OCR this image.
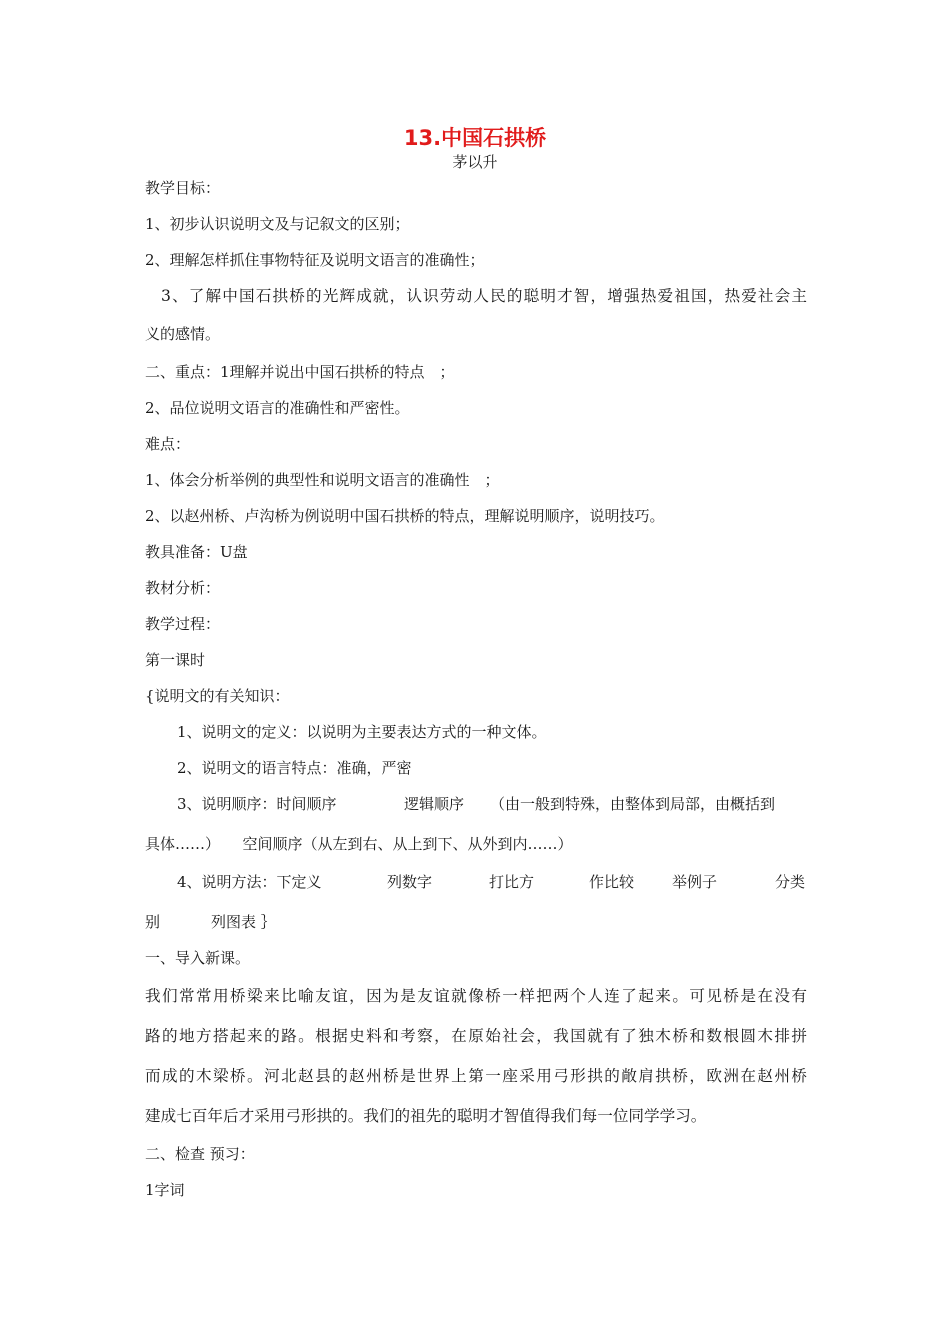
13.中国石拱桥
茅以升
教学目标：
1、初步认识说明文及与记叙文的区别；
2、理解怎样抓住事物特征及说明文语言的准确性；
3、了解中国石拱桥的光辉成就，认识劳动人民的聪明才智，增强热爱祖国，热爱社会主
义的感情。
二、重点：1理解并说出中国石拱桥的特点　；
2、品位说明文语言的准确性和严密性。
难点：
1、体会分析举例的典型性和说明文语言的准确性　；
2、以赵州桥、卢沟桥为例说明中国石拱桥的特点，理解说明顺序，说明技巧。
教具准备：U盘
教材分析：
教学过程：
第一课时
{说明文的有关知识：
1、说明文的定义：以说明为主要表达方式的一种文体。
2、说明文的语言特点：准确，严密
3、说明顺序：时间顺序	逻辑顺序 （由一般到特殊，由整体到局部，由概括到
具体……）　　空间顺序（从左到右、从上到下、从外到内……）
4、说明方法：下定义	列数字	打比方	作比较	举例子	分类
别	列图表 ｝
一、导入新课。
我们常常用桥梁来比喻友谊，因为是友谊就像桥一样把两个人连了起来。可见桥是在没有
路的地方搭起来的路。根据史料和考察，在原始社会，我国就有了独木桥和数根圆木排拼
而成的木梁桥。河北赵县的赵州桥是世界上第一座采用弓形拱的敞肩拱桥，欧洲在赵州桥
建成七百年后才采用弓形拱的。我们的祖先的聪明才智值得我们每一位同学学习。
二、检查 预习：
1字词
